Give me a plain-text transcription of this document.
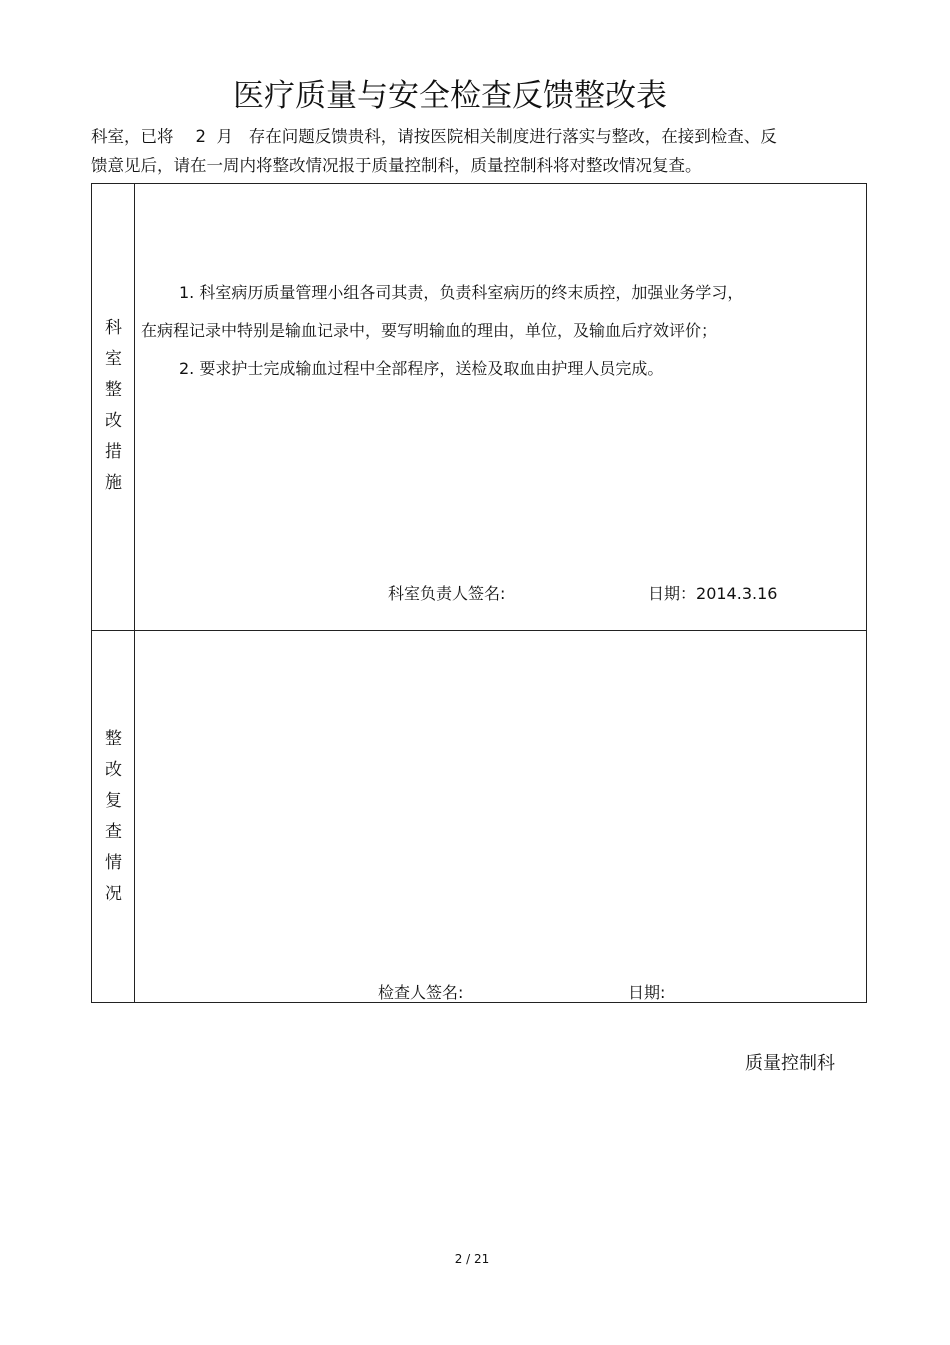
医疗质量与安全检查反馈整改表
科室，已将 2 月 存在问题反馈贵科，请按医院相关制度进行落实与整改，在接到检查、反
馈意见后，请在一周内将整改情况报于质量控制科，质量控制科将对整改情况复查。
科
室
整
改
措
施
1. 科室病历质量管理小组各司其责，负责科室病历的终末质控，加强业务学习，
在病程记录中特别是输血记录中，要写明输血的理由，单位，及输血后疗效评价；
2. 要求护士完成输血过程中全部程序，送检及取血由护理人员完成。
整
改
复
查
情
况
科室负责人签名:	日期：2014.3.16
检查人签名:	日期:
质量控制科
2 / 21
